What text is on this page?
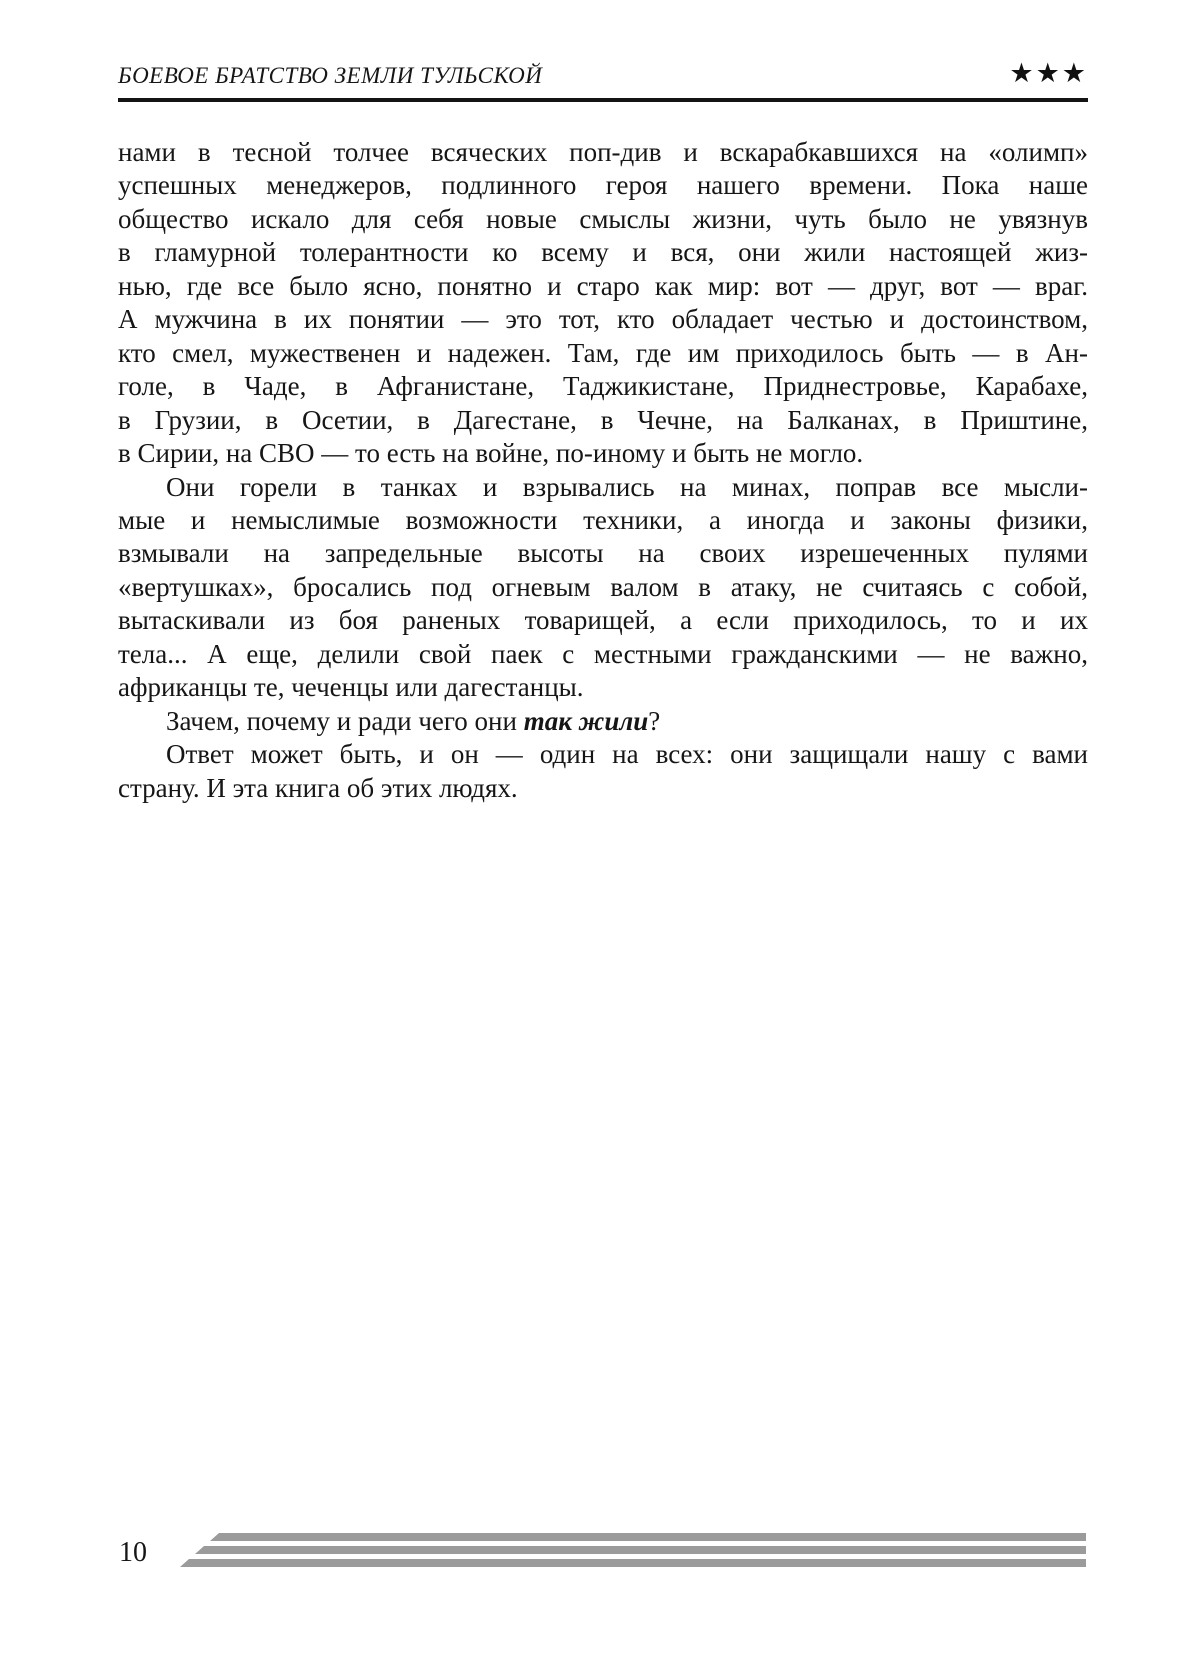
БОЕВОЕ БРАТСТВО ЗЕМЛИ ТУЛЬСКОЙ	★★★
нами в тесной толчее всяческих поп-див и вскарабкавшихся на «олимп»
успешных менеджеров, подлинного героя нашего времени. Пока наше
общество искало для себя новые смыслы жизни, чуть было не увязнув
в гламурной толерантности ко всему и вся, они жили настоящей жиз-
нью, где все было ясно, понятно и старо как мир: вот — друг, вот — враг.
А мужчина в их понятии — это тот, кто обладает честью и достоинством,
кто смел, мужественен и надежен. Там, где им приходилось быть — в Ан-
голе, в Чаде, в Афганистане, Таджикистане, Приднестровье, Карабахе,
в Грузии, в Осетии, в Дагестане, в Чечне, на Балканах, в Приштине,
в Сирии, на СВО — то есть на войне, по-иному и быть не могло.
Они горели в танках и взрывались на минах, поправ все мысли-
мые и немыслимые возможности техники, а иногда и законы физики,
взмывали на запредельные высоты на своих изрешеченных пулями
«вертушках», бросались под огневым валом в атаку, не считаясь с собой,
вытаскивали из боя раненых товарищей, а если приходилось, то и их
тела... А еще, делили свой паек с местными гражданскими — не важно,
африканцы те, чеченцы или дагестанцы.
Зачем, почему и ради чего они так жили?
Ответ может быть, и он — один на всех: они защищали нашу с вами
страну. И эта книга об этих людях.
10
